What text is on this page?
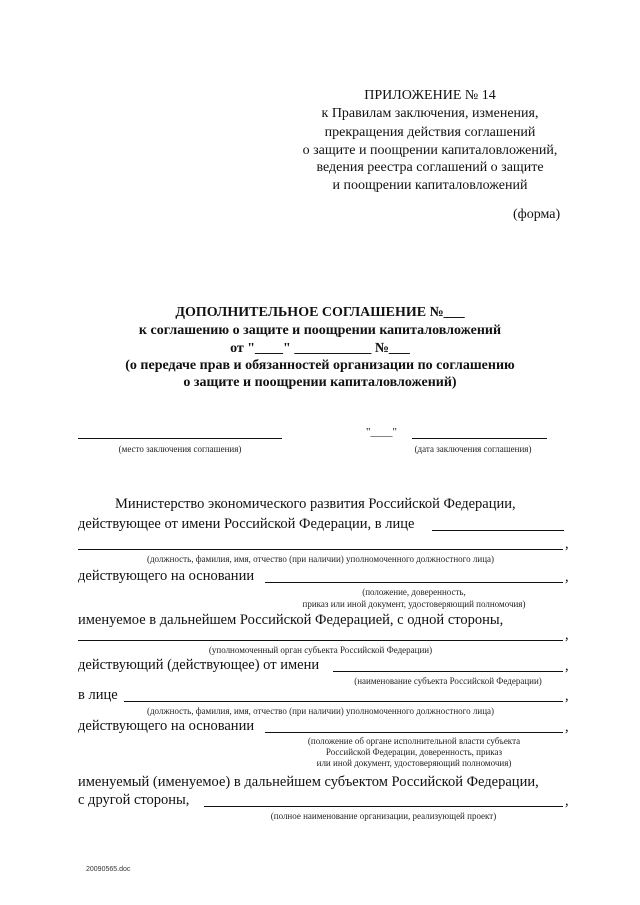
ПРИЛОЖЕНИЕ № 14
к Правилам заключения, изменения,
прекращения действия соглашений
о защите и поощрении капиталовложений,
ведения реестра соглашений о защите
и поощрении капиталовложений
(форма)
ДОПОЛНИТЕЛЬНОЕ СОГЛАШЕНИЕ №___
к соглашению о защите и поощрении капиталовложений
от "____" ___________ №___
(о передаче прав и обязанностей организации по соглашению
о защите и поощрении капиталовложений)
(место заключения соглашения)
"____"
(дата заключения соглашения)
Министерство экономического развития Российской Федерации,
действующее от имени Российской Федерации, в лице
,
(должность, фамилия, имя, отчество (при наличии) уполномоченного должностного лица)
действующего на основании	,
(положение, доверенность,
приказ или иной документ, удостоверяющий полномочия)
именуемое в дальнейшем Российской Федерацией, с одной стороны,
,
(уполномоченный орган субъекта Российской Федерации)
действующий (действующее) от имени	,
(наименование субъекта Российской Федерации)
в лице	,
(должность, фамилия, имя, отчество (при наличии) уполномоченного должностного лица)
действующего на основании	,
(положение об органе исполнительной власти субъекта
Российской Федерации, доверенность, приказ
или иной документ, удостоверяющий полномочия)
именуемый (именуемое) в дальнейшем субъектом Российской Федерации,
с другой стороны,	,
(полное наименование организации, реализующей проект)
20090565.doc
